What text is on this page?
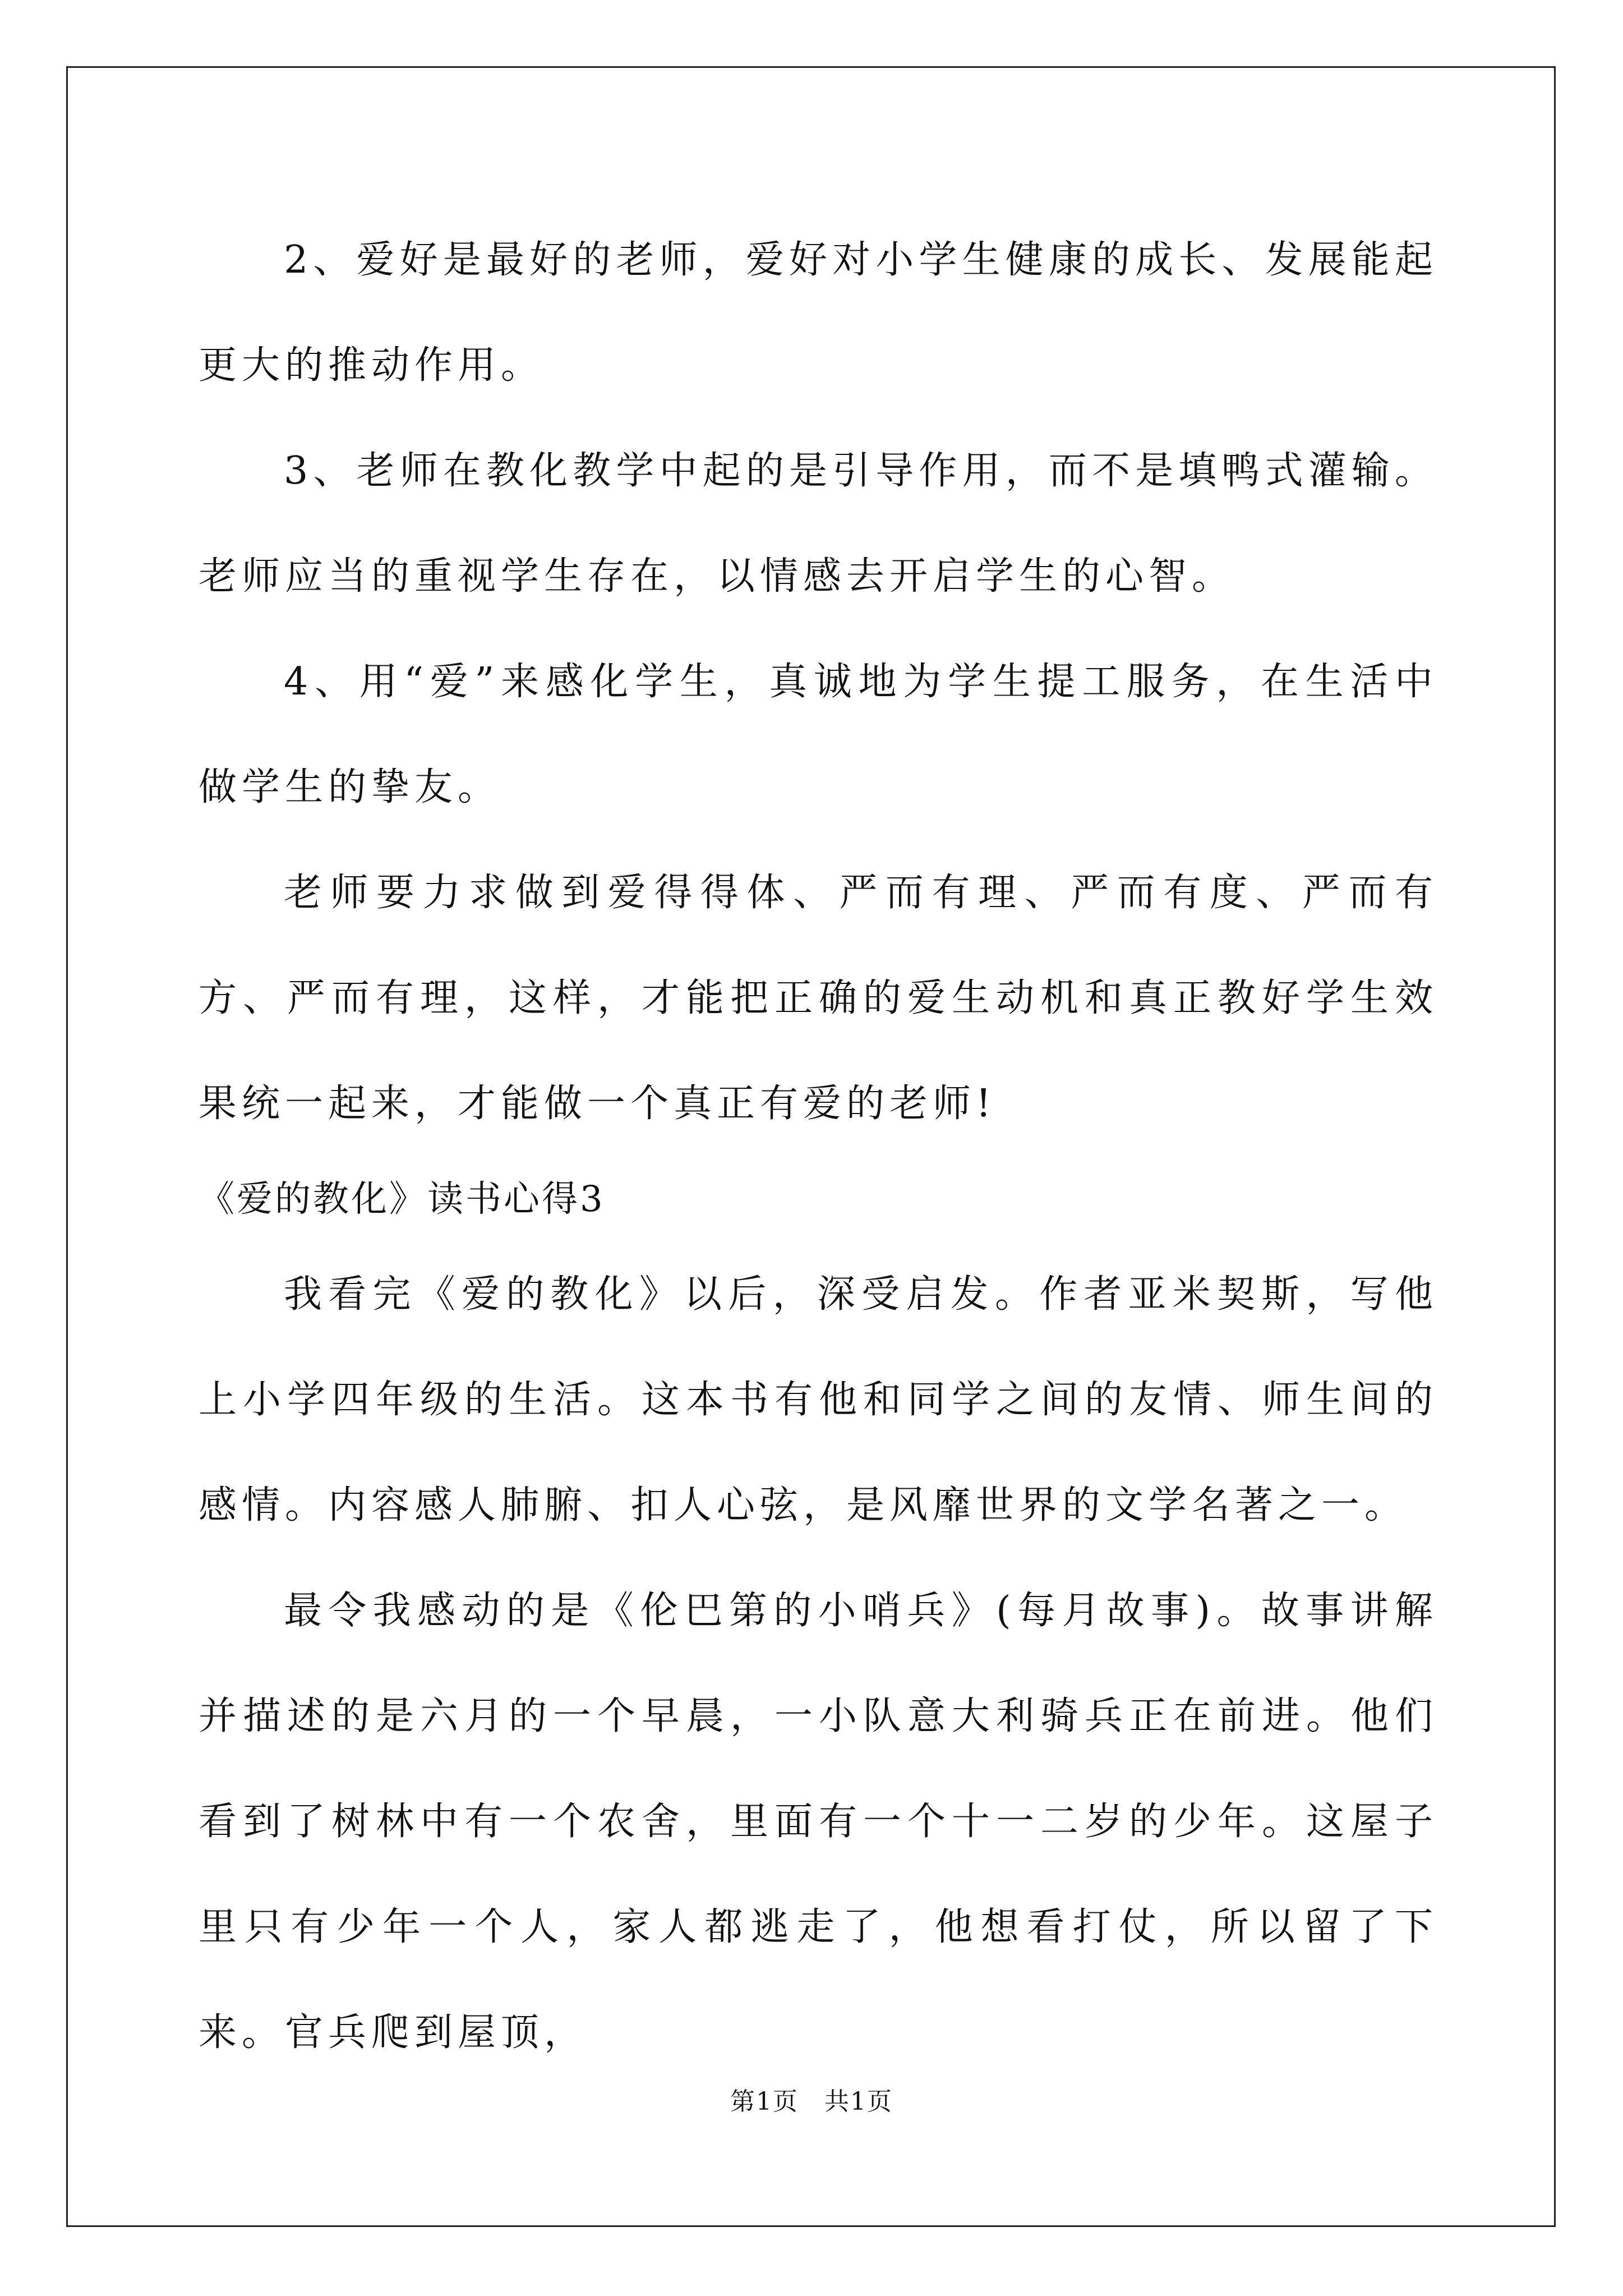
2、爱好是最好的老师，爱好对小学生健康的成长、发展能起更大的推动作用。

3、老师在教化教学中起的是引导作用，而不是填鸭式灌输。老师应当的重视学生存在，以情感去开启学生的心智。

4、用“爱”来感化学生，真诚地为学生提工服务，在生活中做学生的挚友。

老师要力求做到爱得得体、严而有理、严而有度、严而有方、严而有理，这样，才能把正确的爱生动机和真正教好学生效果统一起来，才能做一个真正有爱的老师!

《爱的教化》读书心得3

我看完《爱的教化》以后，深受启发。作者亚米契斯，写他上小学四年级的生活。这本书有他和同学之间的友情、师生间的感情。内容感人肺腑、扣人心弦，是风靡世界的文学名著之一。

最令我感动的是《伦巴第的小哨兵》(每月故事)。故事讲解并描述的是六月的一个早晨，一小队意大利骑兵正在前进。他们看到了树林中有一个农舍，里面有一个十一二岁的少年。这屋子里只有少年一个人，家人都逃走了，他想看打仗，所以留了下来。官兵爬到屋顶，

第1页　共1页
